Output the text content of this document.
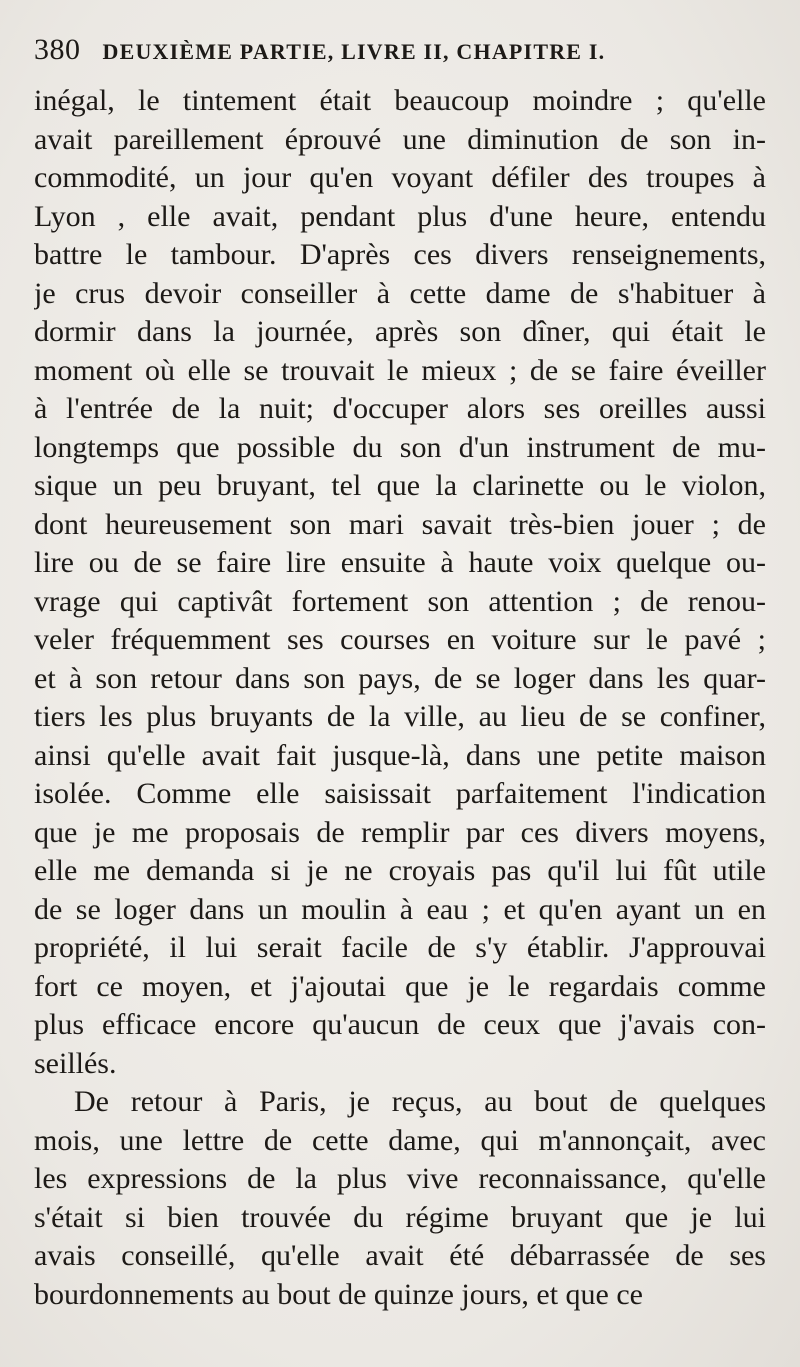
380 DEUXIÈME PARTIE, LIVRE II, CHAPITRE I.
inégal, le tintement était beaucoup moindre ; qu'elle
avait pareillement éprouvé une diminution de son in-
commodité, un jour qu'en voyant défiler des troupes à
Lyon , elle avait, pendant plus d'une heure, entendu
battre le tambour. D'après ces divers renseignements,
je crus devoir conseiller à cette dame de s'habituer à
dormir dans la journée, après son dîner, qui était le
moment où elle se trouvait le mieux ; de se faire éveiller
à l'entrée de la nuit; d'occuper alors ses oreilles aussi
longtemps que possible du son d'un instrument de mu-
sique un peu bruyant, tel que la clarinette ou le violon,
dont heureusement son mari savait très-bien jouer ; de
lire ou de se faire lire ensuite à haute voix quelque ou-
vrage qui captivât fortement son attention ; de renou-
veler fréquemment ses courses en voiture sur le pavé ;
et à son retour dans son pays, de se loger dans les quar-
tiers les plus bruyants de la ville, au lieu de se confiner,
ainsi qu'elle avait fait jusque-là, dans une petite maison
isolée. Comme elle saisissait parfaitement l'indication
que je me proposais de remplir par ces divers moyens,
elle me demanda si je ne croyais pas qu'il lui fût utile
de se loger dans un moulin à eau ; et qu'en ayant un en
propriété, il lui serait facile de s'y établir. J'approuvai
fort ce moyen, et j'ajoutai que je le regardais comme
plus efficace encore qu'aucun de ceux que j'avais con-
seillés.
De retour à Paris, je reçus, au bout de quelques
mois, une lettre de cette dame, qui m'annonçait, avec
les expressions de la plus vive reconnaissance, qu'elle
s'était si bien trouvée du régime bruyant que je lui
avais conseillé, qu'elle avait été débarrassée de ses
bourdonnements au bout de quinze jours, et que ce
